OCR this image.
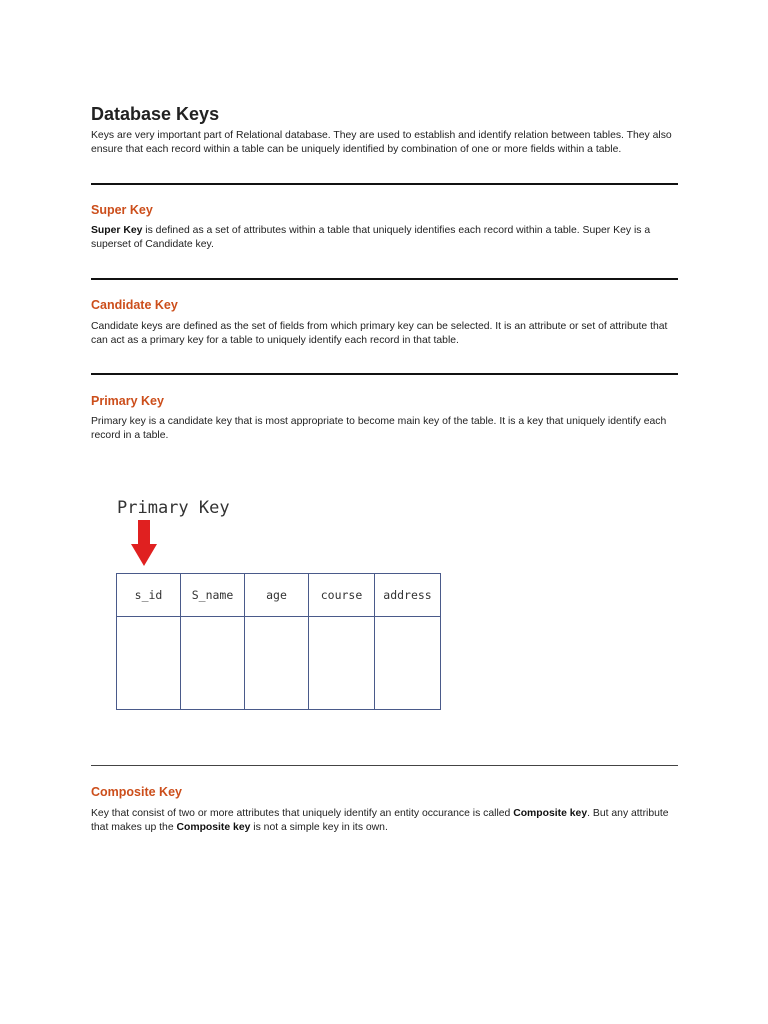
Database Keys
Keys are very important part of Relational database. They are used to establish and identify relation between tables. They also ensure that each record within a table can be uniquely identified by combination of one or more fields within a table.
Super Key
Super Key is defined as a set of attributes within a table that uniquely identifies each record within a table. Super Key is a superset of Candidate key.
Candidate Key
Candidate keys are defined as the set of fields from which primary key can be selected. It is an attribute or set of attribute that can act as a primary key for a table to uniquely identify each record in that table.
Primary Key
Primary key is a candidate key that is most appropriate to become main key of the table. It is a key that uniquely identify each record in a table.
Primary Key
s_id	S_name	age	course	address

Composite Key
Key that consist of two or more attributes that uniquely identify an entity occurance is called Composite key. But any attribute that makes up the Composite key is not a simple key in its own.
